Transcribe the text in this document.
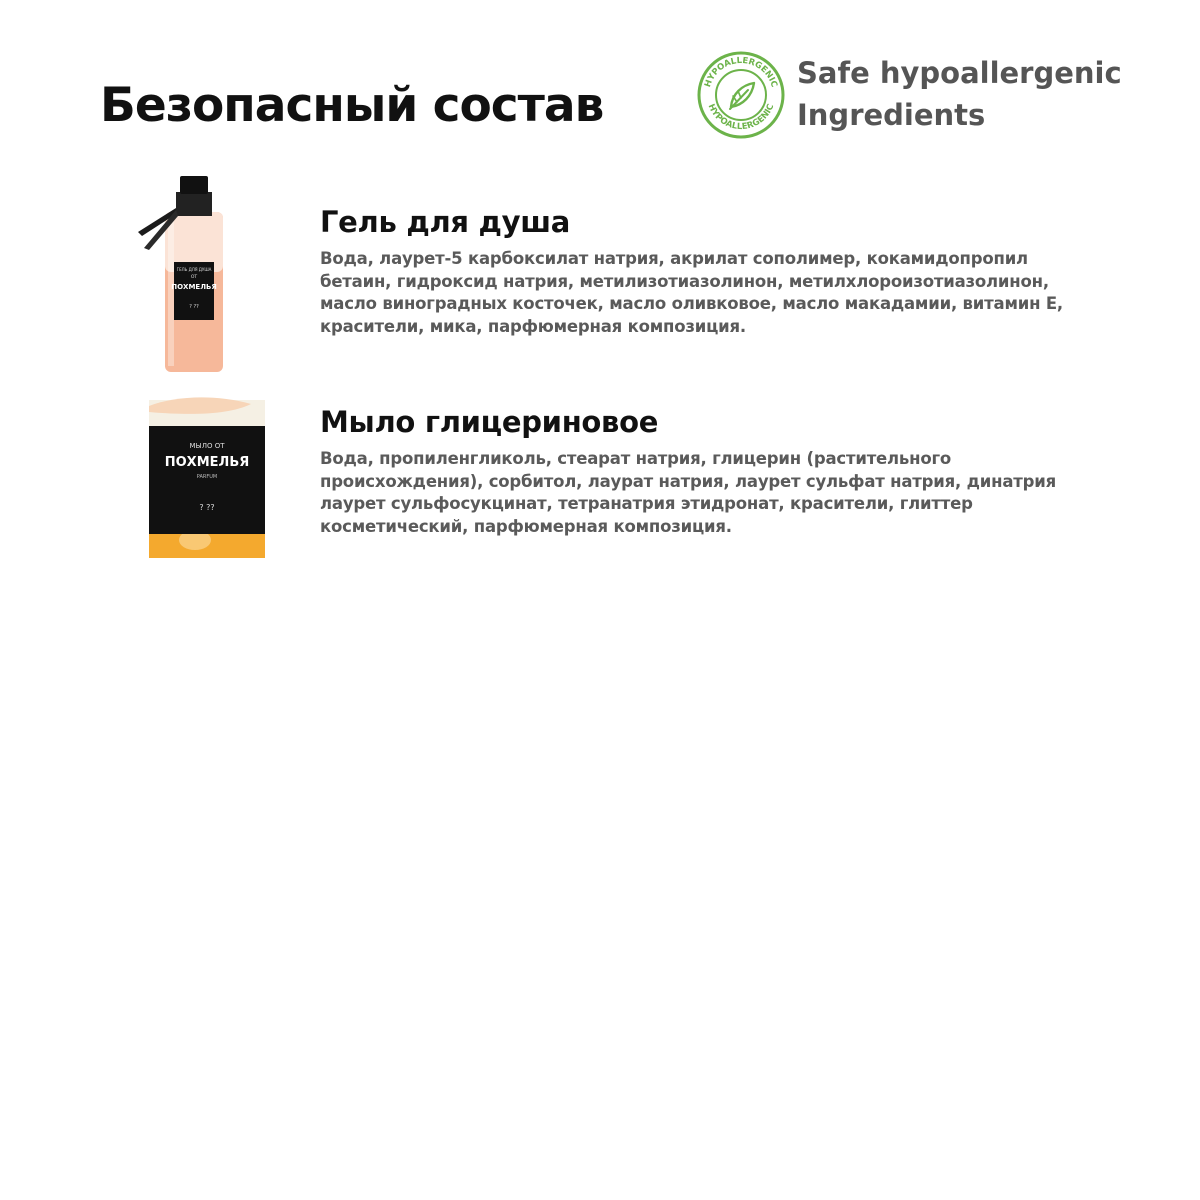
Безопасный состав	HYPOALLERGENIC
HYPOALLERGENIC
Safe hypoallergenic
Ingredients
ГЕЛЬ ДЛЯ ДУША
ОТ
ПОХМЕЛЬЯ
? ??
МЫЛО ОТ
ПОХМЕЛЬЯ
PARFUM
? ??
Гель для душа
Вода, лаурет-5 карбоксилат натрия, акрилат сополимер, кокамидопропил бетаин, гидроксид натрия, метилизотиазолинон, метилхлороизотиазолинон, масло виноградных косточек, масло оливковое, масло макадамии, витамин Е, красители, мика, парфюмерная композиция.
Мыло глицериновое
Вода, пропиленгликоль, стеарат натрия, глицерин (растительного происхождения), сорбитол, лаурат натрия, лаурет сульфат натрия, динатрия лаурет сульфосукцинат, тетранатрия этидронат, красители, глиттер косметический, парфюмерная композиция.
